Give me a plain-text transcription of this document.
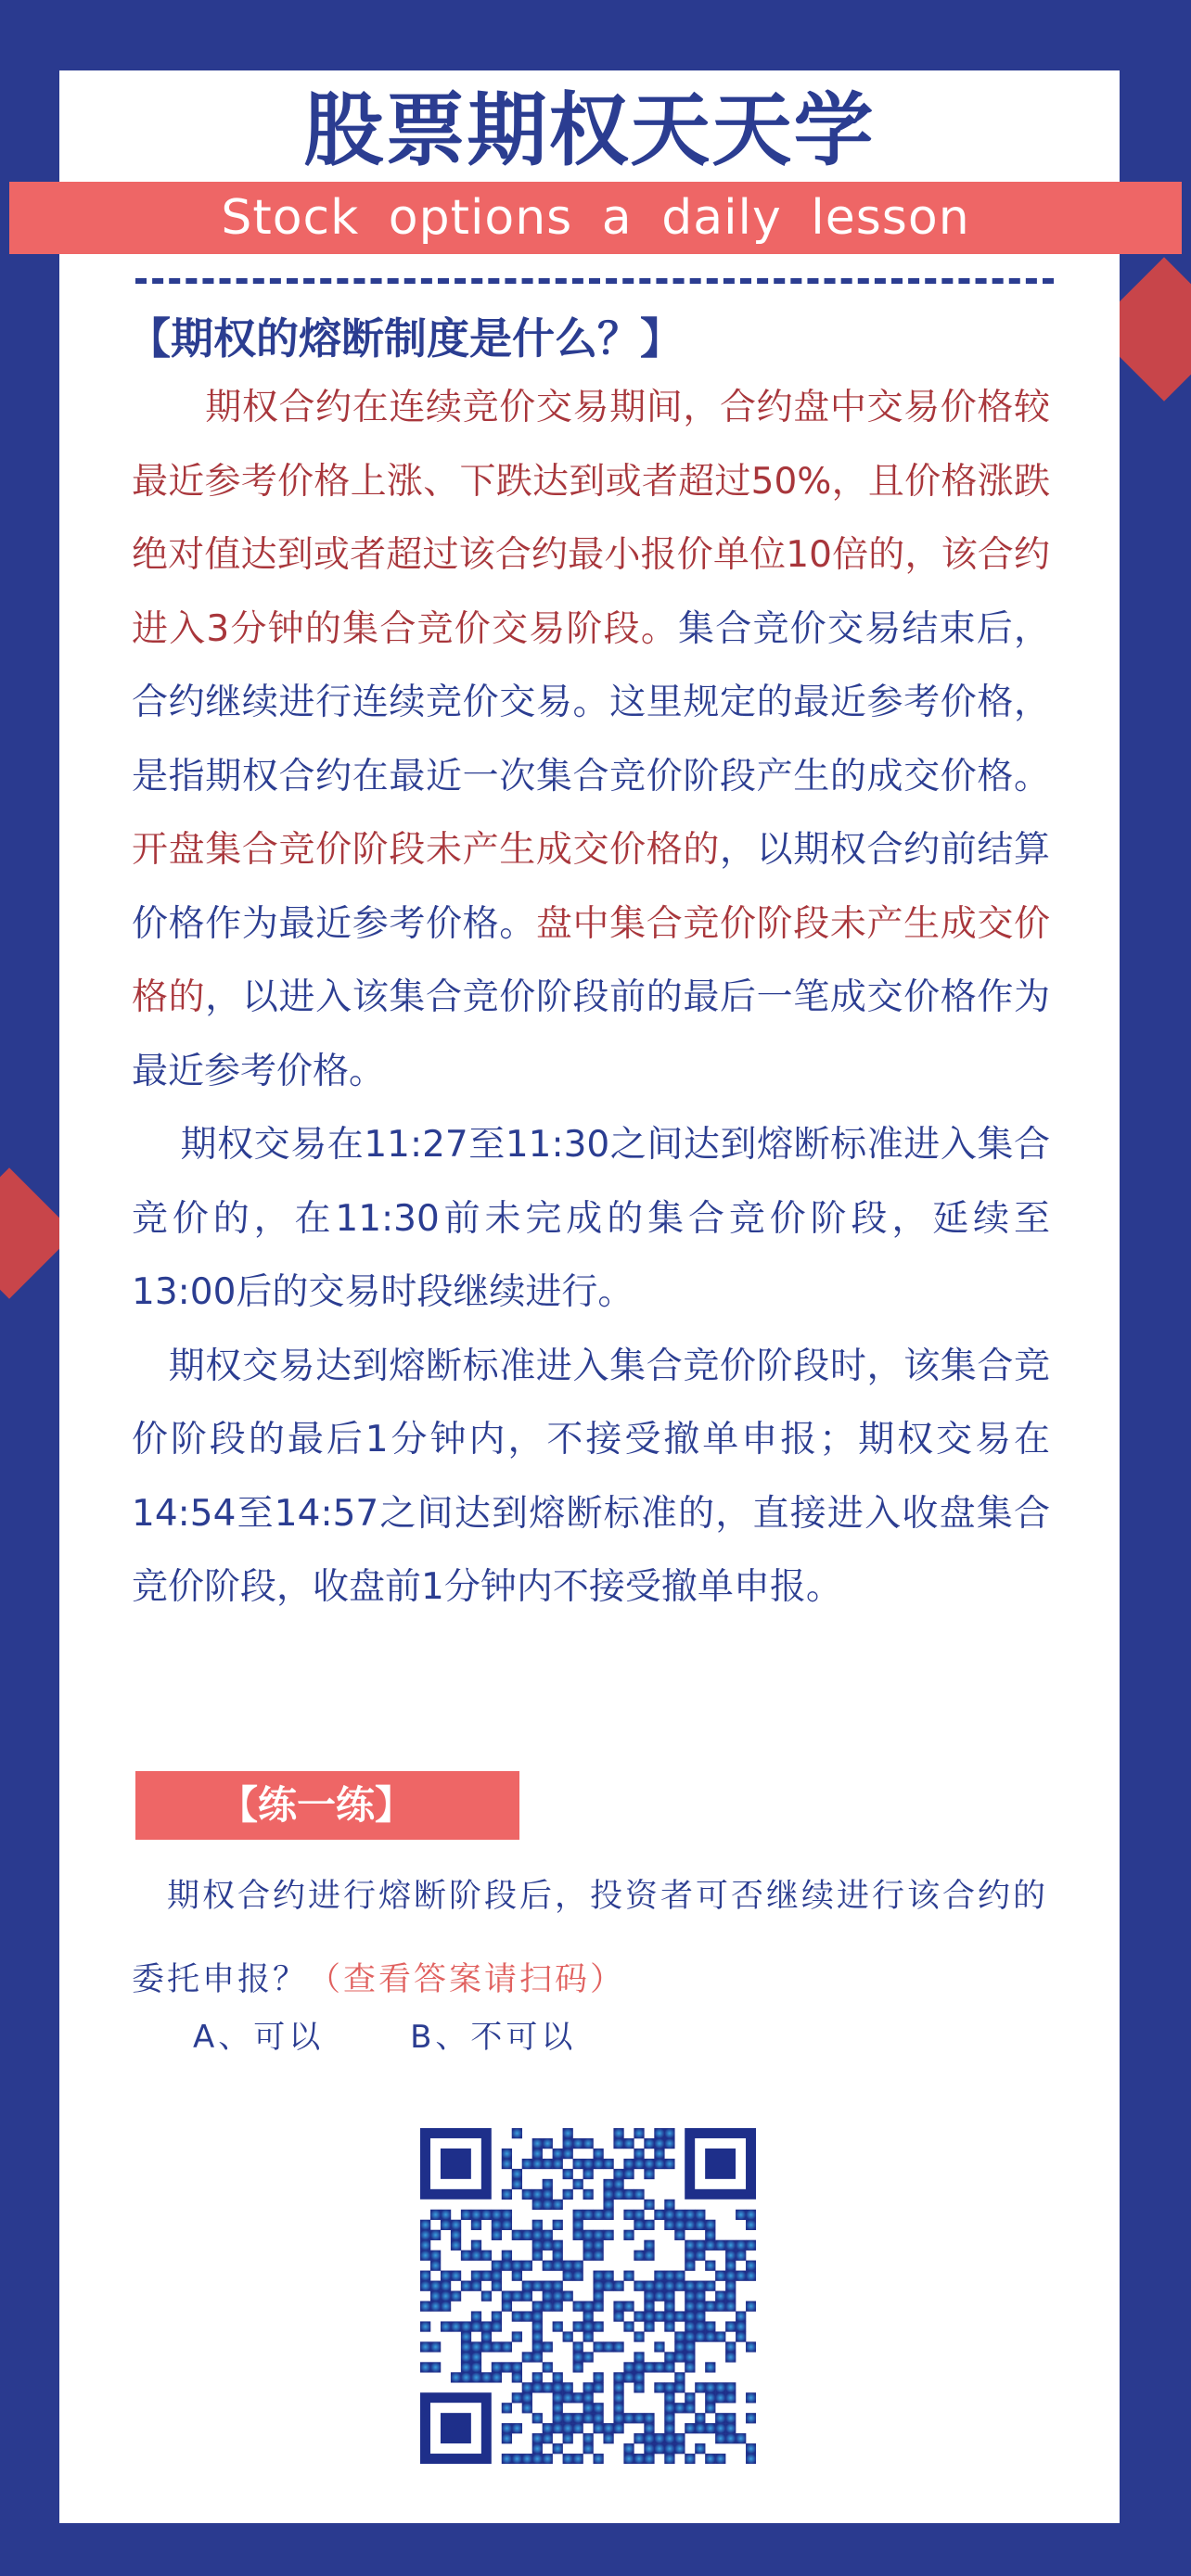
股票期权天天学
Stock options a daily lesson
【期权的熔断制度是什么？】

　　期权合约在连续竞价交易期间，合约盘中交易价格较最近参考价格上涨、下跌达到或者超过50%，且价格涨跌绝对值达到或者超过该合约最小报价单位10倍的，该合约进入3分钟的集合竞价交易阶段。集合竞价交易结束后，合约继续进行连续竞价交易。这里规定的最近参考价格，是指期权合约在最近一次集合竞价阶段产生的成交价格。开盘集合竞价阶段未产生成交价格的，以期权合约前结算价格作为最近参考价格。盘中集合竞价阶段未产生成交价格的，以进入该集合竞价阶段前的最后一笔成交价格作为最近参考价格。

　 期权交易在11:27至11:30之间达到熔断标准进入集合竞价的，在11:30前未完成的集合竞价阶段，延续至13:00后的交易时段继续进行。

　期权交易达到熔断标准进入集合竞价阶段时，该集合竞价阶段的最后1分钟内，不接受撤单申报；期权交易在14:54至14:57之间达到熔断标准的，直接进入收盘集合竞价阶段，收盘前1分钟内不接受撤单申报。

【练一练】
　期权合约进行熔断阶段后，投资者可否继续进行该合约的委托申报？（查看答案请扫码）
A、可以	B、不可以
